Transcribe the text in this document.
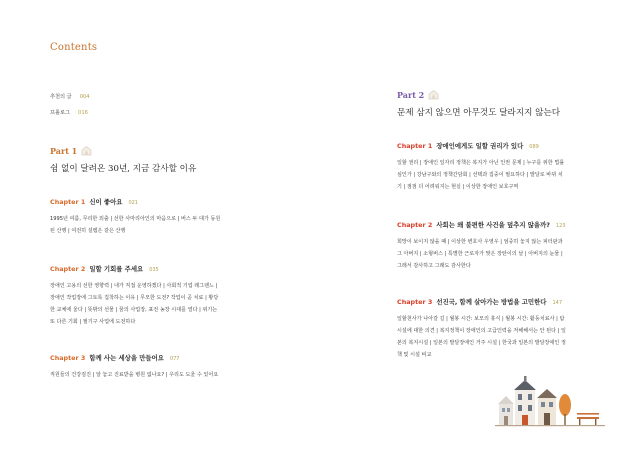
Contents
추천의 글 004
프롤로그 016
Part 1
쉼 없이 달려온 30년, 지금 감사할 이유
Chapter 1 신이 좋아요 021
1995년 여름, 무리한 외출 | 선한 사마리아인의 마음으로 | 버스 두 대가 동원
된 산행 | 여전히 설렘은 같은 산행
Chapter 2 일할 기회를 주세요 035
장애인 고용의 선한 영향력 | 내가 직접 운영하겠다 | 사회적 기업 래그랜느 |
장애인 작업장에 그토록 집착하는 이유 | 무모한 도전? 작업이 곧 치료 | 황당
한 교체에 울다 | 뜻밖의 선물 | 꿈의 사업장, 표전 농장 시대를 열다 | 위기는
또 다른 기회 | 필기구 사업에 도전하다
Chapter 3 함께 사는 세상을 만들어요 077
직원들의 건강검진 | 알 놓고 진료받을 병원 없나요? | 우리도 도울 수 있어요
Part 2
문제 삼지 않으면 아무것도 달라지지 않는다
Chapter 1 장애인에게도 일할 권리가 있다 089
일할 권리 | 장애인 일자리 정책은 복지가 아닌 인권 문제 | 누구를 위한 법률
심인가 | 강남구와의 정책간담회 | 선택과 집중이 필요하다 | 발달로 바뀌 치
기 | 점점 더 어려워지는 현실 | 이상한 장애인 보호구역
Chapter 2 사회는 왜 불편한 사건을 덮추지 않을까? 123
희망이 보이지 않을 때 | 이상한 변호사 우영우 | 엄중히 놓지 않는 피터판과
그 아버지 | 소형버스 | 특별한 근로자가 맞은 장탄이의 날 | 아버지의 눈물 |
그래서 감사하고 그래도 감사한다
Chapter 3 선진국, 함께 살아가는 방법을 고민한다 147
일할천사가 나아갈 길 | 월봉 시간: 보모의 휴식 | 월봉 시간: 활동치료사 | 탐
시설에 대한 의견 | 복지정책이 장애인의 고급인력을 저해해서는 안 된다 | 일
본의 복지시설 | 일본의 발달장애인 거주 시설 | 한국과 일본의 발달장애인 정
책 및 시설 비교
